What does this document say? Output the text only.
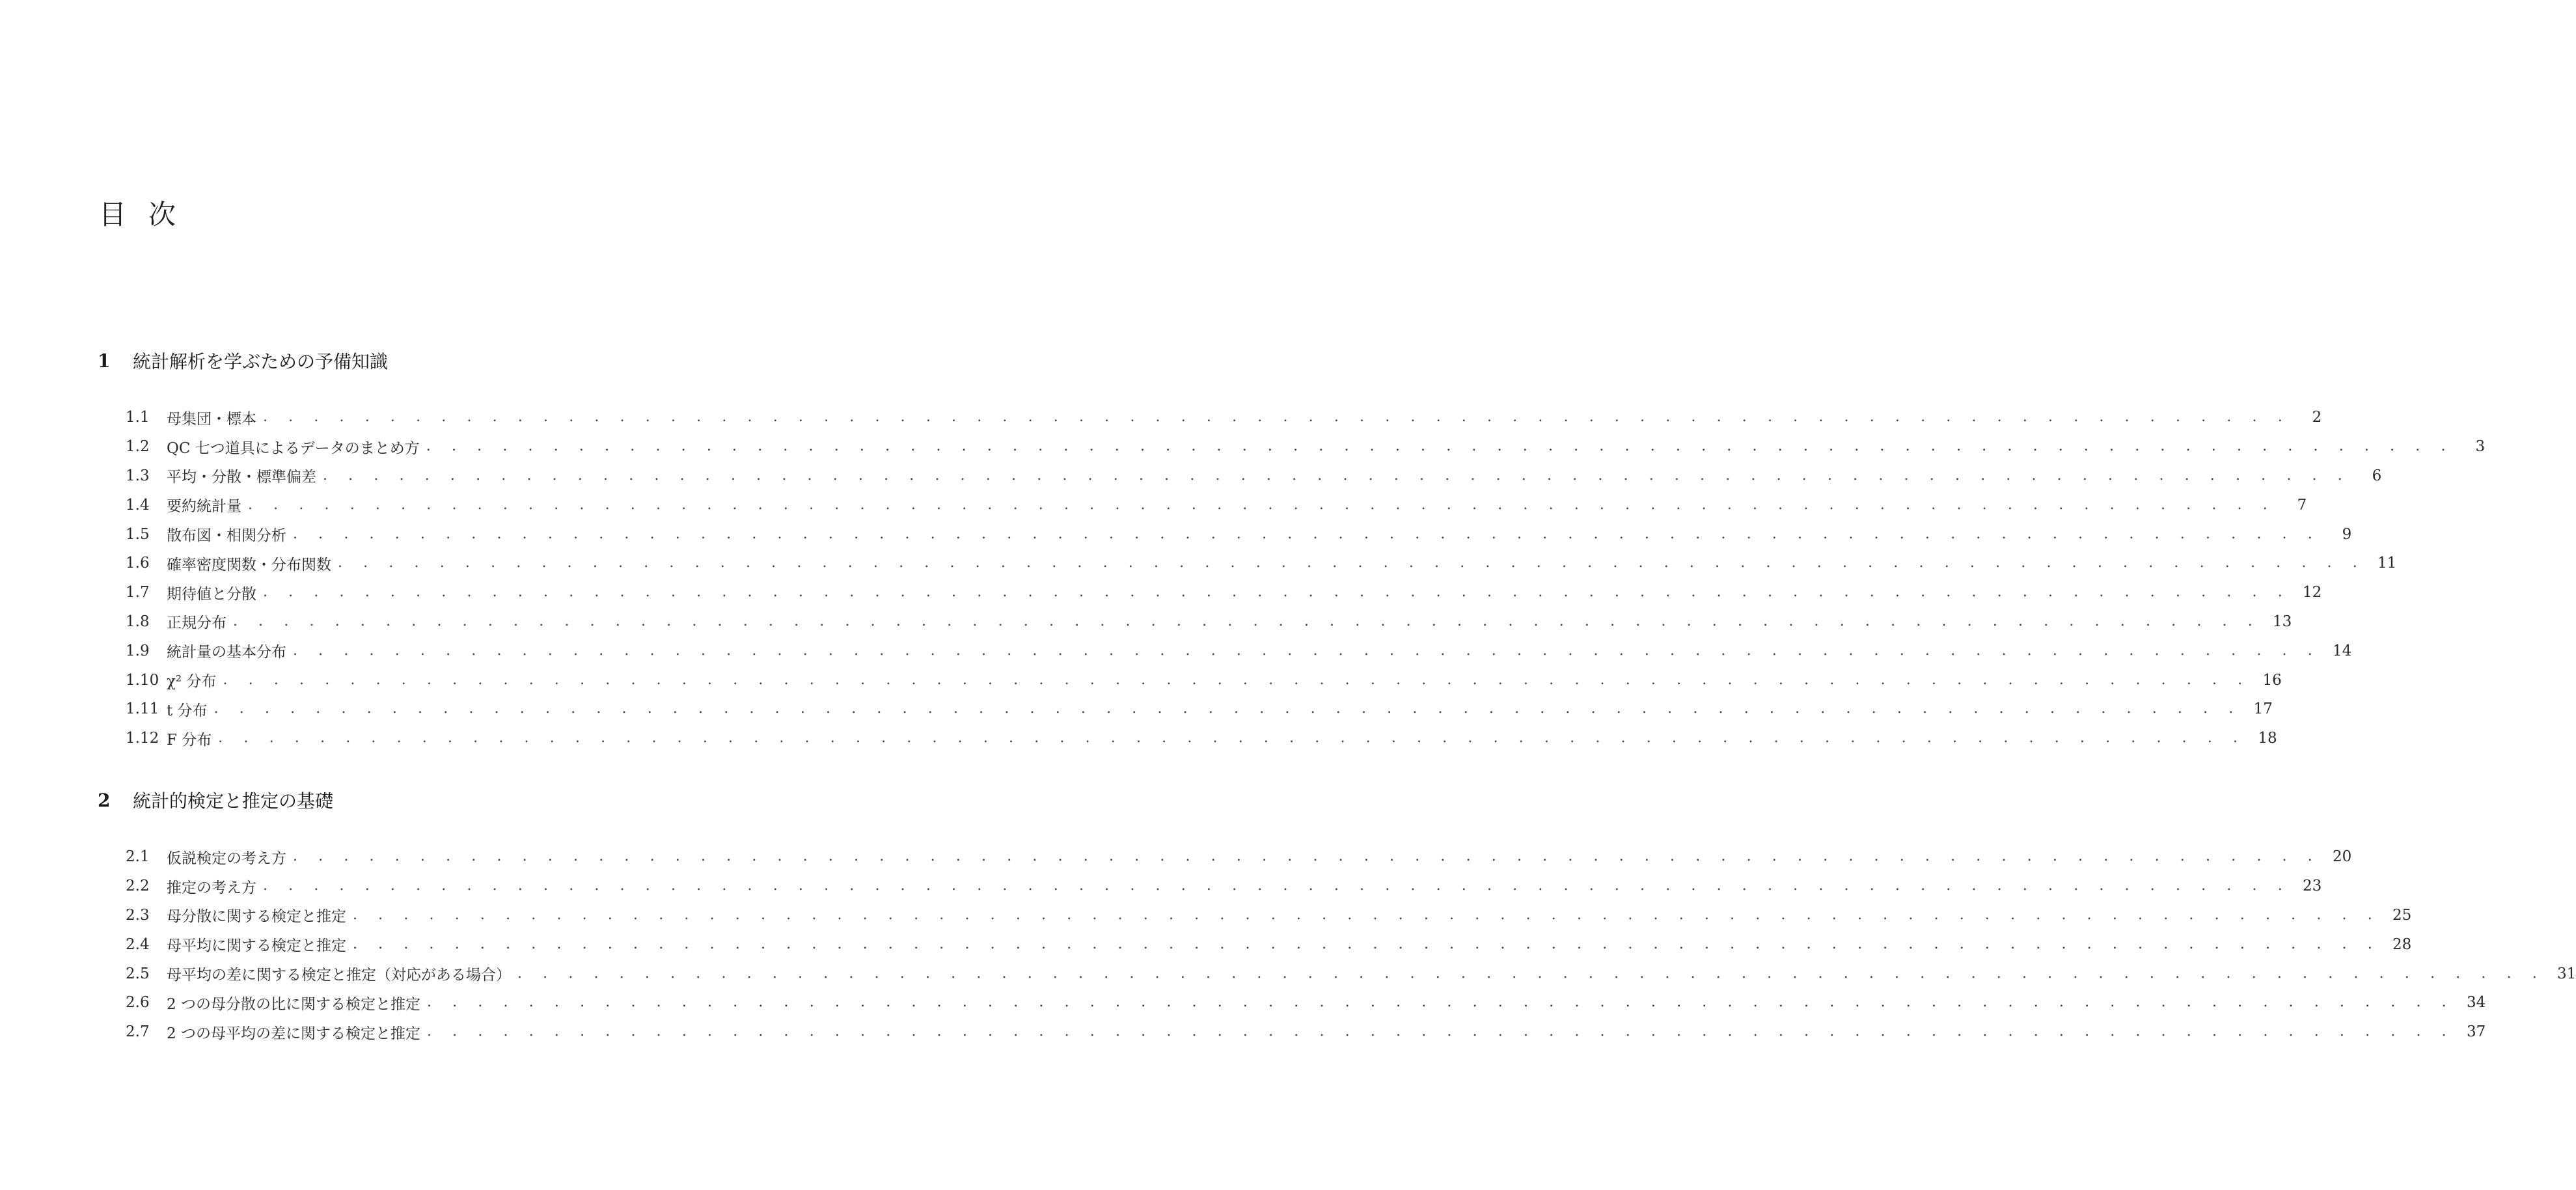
目次
1	統計解析を学ぶための予備知識
1.1	母集団・標本 . . . . . . . . . . . . . . . . . . . . . . . . . . . . . . . . . . . . . . . . . . . . . . . . . . . . . . . . . . . . . . . . . . . . . . . . . . . . . . . .	2
1.2	QC 七つ道具によるデータのまとめ方 . . . . . . . . . . . . . . . . . . . . . . . . . . . . . . . . . . . . . . . . . . . . . . . . . . . . . . . . . . . . . . . . . . . . . . . . . . . . . . . .	3
1.3	平均・分散・標準偏差 . . . . . . . . . . . . . . . . . . . . . . . . . . . . . . . . . . . . . . . . . . . . . . . . . . . . . . . . . . . . . . . . . . . . . . . . . . . . . . . .	6
1.4	要約統計量 . . . . . . . . . . . . . . . . . . . . . . . . . . . . . . . . . . . . . . . . . . . . . . . . . . . . . . . . . . . . . . . . . . . . . . . . . . . . . . . .	7
1.5	散布図・相関分析 . . . . . . . . . . . . . . . . . . . . . . . . . . . . . . . . . . . . . . . . . . . . . . . . . . . . . . . . . . . . . . . . . . . . . . . . . . . . . . . .	9
1.6	確率密度関数・分布関数 . . . . . . . . . . . . . . . . . . . . . . . . . . . . . . . . . . . . . . . . . . . . . . . . . . . . . . . . . . . . . . . . . . . . . . . . . . . . . . . . 11
1.7	期待値と分散 . . . . . . . . . . . . . . . . . . . . . . . . . . . . . . . . . . . . . . . . . . . . . . . . . . . . . . . . . . . . . . . . . . . . . . . . . . . . . . . . 12
1.8	正規分布 . . . . . . . . . . . . . . . . . . . . . . . . . . . . . . . . . . . . . . . . . . . . . . . . . . . . . . . . . . . . . . . . . . . . . . . . . . . . . . . . 13
1.9	統計量の基本分布 . . . . . . . . . . . . . . . . . . . . . . . . . . . . . . . . . . . . . . . . . . . . . . . . . . . . . . . . . . . . . . . . . . . . . . . . . . . . . . . . 14
1.10 χ² 分布 . . . . . . . . . . . . . . . . . . . . . . . . . . . . . . . . . . . . . . . . . . . . . . . . . . . . . . . . . . . . . . . . . . . . . . . . . . . . . . . . 16
1.11 t 分布 . . . . . . . . . . . . . . . . . . . . . . . . . . . . . . . . . . . . . . . . . . . . . . . . . . . . . . . . . . . . . . . . . . . . . . . . . . . . . . . . 17
1.12 F 分布 . . . . . . . . . . . . . . . . . . . . . . . . . . . . . . . . . . . . . . . . . . . . . . . . . . . . . . . . . . . . . . . . . . . . . . . . . . . . . . . . 18
2	統計的検定と推定の基礎
2.1	仮説検定の考え方 . . . . . . . . . . . . . . . . . . . . . . . . . . . . . . . . . . . . . . . . . . . . . . . . . . . . . . . . . . . . . . . . . . . . . . . . . . . . . . . . 20
2.2	推定の考え方 . . . . . . . . . . . . . . . . . . . . . . . . . . . . . . . . . . . . . . . . . . . . . . . . . . . . . . . . . . . . . . . . . . . . . . . . . . . . . . . . 23
2.3	母分散に関する検定と推定 . . . . . . . . . . . . . . . . . . . . . . . . . . . . . . . . . . . . . . . . . . . . . . . . . . . . . . . . . . . . . . . . . . . . . . . . . . . . . . . . 25
2.4	母平均に関する検定と推定 . . . . . . . . . . . . . . . . . . . . . . . . . . . . . . . . . . . . . . . . . . . . . . . . . . . . . . . . . . . . . . . . . . . . . . . . . . . . . . . . 28
2.5	母平均の差に関する検定と推定（対応がある場合） . . . . . . . . . . . . . . . . . . . . . . . . . . . . . . . . . . . . . . . . . . . . . . . . . . . . . . . . . . . . . . . . . . . . . . . . . . . . . . . . 31
2.6	2 つの母分散の比に関する検定と推定 . . . . . . . . . . . . . . . . . . . . . . . . . . . . . . . . . . . . . . . . . . . . . . . . . . . . . . . . . . . . . . . . . . . . . . . . . . . . . . . . 34
2.7	2 つの母平均の差に関する検定と推定 . . . . . . . . . . . . . . . . . . . . . . . . . . . . . . . . . . . . . . . . . . . . . . . . . . . . . . . . . . . . . . . . . . . . . . . . . . . . . . . . 37
